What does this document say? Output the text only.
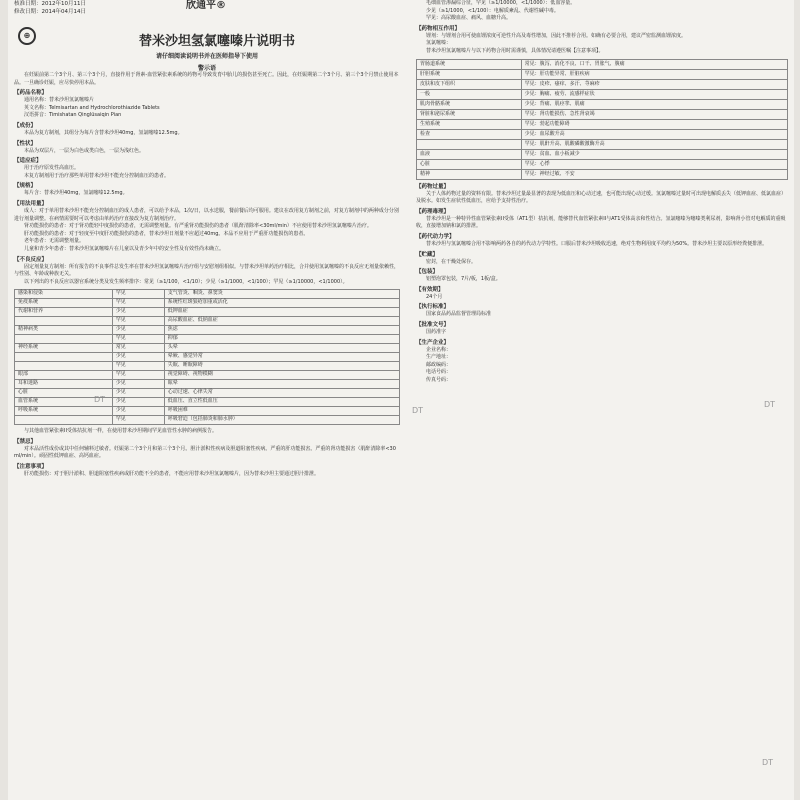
DT
DT
DT
DT
核准日期：2012年10月11日
修改日期：2014年04月14日
欣通平®
⊕	替米沙坦氢氯噻嗪片说明书
请仔细阅读说明书并在医师指导下使用
警示语

在妊娠前第二个3个月、第三个3个月，直接作用于肾素-血管紧张素系统的药物可导致发育中胎儿的损伤甚至死亡。因此，在妊娠期第二个3个月、第三个3个月禁止使用本品。一旦确诊妊娠，应尽快停用本品。

【药品名称】

通用名称：替米沙坦氢氯噻嗪片

英文名称：Telmisartan and Hydrochlorothiazide Tablets

汉语拼音：Timishatan Qinglüsaiqin Pian

【成份】

本品为复方制剂，其组分为每片含替米沙坦40mg，氢氯噻嗪12.5mg。

【性状】

本品为双层片，一层为白色或类白色，一层为浅红色。

【适应症】

用于治疗原发性高血压。

本复方制剂用于治疗那些单用替米沙坦不能充分控制血压的患者。

【规格】

每片含：替米沙坦40mg，氢氯噻嗪12.5mg。

【用法用量】

成人：对于单用替米沙坦不能充分控制血压的成人患者，可以给予本品，1次/日，以水送服，餐前餐后均可服用。建议在改用复方制剂之前，对复方制剂中的两种成分分别进行剂量调整。在病情需要时可以考虑由单药治疗直接改为复方制剂治疗。

肾功能损伤的患者：对于肾功能轻中度损伤的患者，无需调整剂量。有严重肾功能损伤的患者（肌酐清除率<30ml/min）不应使用替米沙坦氢氯噻嗪片治疗。

肝功能损伤的患者：对于轻度至中度肝功能损伤的患者，替米沙坦日剂量不应超过40mg。本品不应用于严重肝功能损伤的患者。

老年患者：无需调整剂量。

儿童和青少年患者：替米沙坦氢氯噻嗪片在儿童以及青少年中的安全性及有效性尚未确立。

【不良反应】

固定剂量复方制剂：所有报告的不良事件总发生率在替米沙坦氢氯噻嗪片治疗组与安慰剂组相似。与替米沙坦单药治疗相比，合并使用氢氯噻嗪的不良反应无剂量依赖性，与性别、年龄或种族无关。

以下列出的不良反应以器官系统分类及发生频率排序：常见（≥1/100，<1/10）；少见（≥1/1000，<1/100）；罕见（≥1/10000，<1/1000）。

感染和侵染	罕见	支气管炎、咽炎、鼻窦炎
免疫系统	罕见	系统性红斑狼疮加重或活化
代谢和营养	少见	低钾血症
	罕见	高尿酸血症、低钠血症
精神病类	少见	焦虑
	罕见	抑郁
神经系统	常见	头晕
	少见	晕厥、感觉异常
	罕见	失眠、睡眠障碍
眼部	罕见	视觉障碍、视物模糊
耳和迷路	少见	眩晕
心脏	少见	心动过速、心律失常
血管系统	少见	低血压、直立性低血压
呼吸系统	少见	呼吸困难
	罕见	呼吸窘迫（包括肺炎和肺水肿）

与其他血管紧张素II受体拮抗剂一样，在使用替米沙坦期间罕见血管性水肿的病例报告。

【禁忌】

对本品活性成份或其中任何辅料过敏者。妊娠第二个3个月和第三个3个月。胆汁淤积性疾病及胆道阻塞性疾病。严重的肝功能损害。严重的肾功能损害（肌酐清除率<30ml/min）。顽固性低钾血症、高钙血症。

【注意事项】

肝功能损伤：对于胆汁淤积、胆道阻塞性疾病或肝功能不全的患者，不能应用替米沙坦氢氯噻嗪片，因为替米沙坦主要通过胆汁排泄。

毛细血管渗漏综合征，罕见（≥1/10000，<1/1000）：低血容量。

少见（≥1/1000，<1/100）：电解质紊乱、代谢性碱中毒。

罕见：高尿酸血症、痛风、血糖升高。

【药物相互作用】

锂剂：与锂剂合用可使血锂浓度可逆性升高及毒性增加，因此不推荐合用。如确有必要合用，建议严密监测血锂浓度。

氢氯噻嗪：

替米沙坦氢氯噻嗪片与以下药物合用时需谨慎，具体情况请遵医嘱【注意事项】。

胃肠道系统	常见：腹泻、消化不良、口干、胃胀气、腹痛
肝胆系统	罕见：肝功能异常、肝脏疾病
皮肤和皮下组织	罕见：皮疹、瘙痒、多汗、荨麻疹
一般	少见：胸痛、疲劳、流感样症状
肌肉骨骼系统	少见：背痛、肌痉挛、肌痛
肾脏和泌尿系统	罕见：肾功能损伤、急性肾衰竭
生殖系统	罕见：勃起功能障碍
检查	少见：血尿酸升高
	罕见：肌酐升高、肌酸磷酸激酶升高
血液	罕见：贫血、血小板减少
心脏	罕见：心悸
精神	罕见：神经过敏、不安
【药物过量】

关于人体药物过量的资料有限。替米沙坦过量最显著的表现为低血压和心动过速，也可能出现心动过缓。氢氯噻嗪过量时可出现电解质丢失（低钾血症、低氯血症）及脱水。如发生症状性低血压，应给予支持性治疗。

【药理毒理】

替米沙坦是一种特异性血管紧张素II受体（AT1型）拮抗剂，能够替代血管紧张素II与AT1受体高亲和性结合。氢氯噻嗪为噻嗪类利尿剂，影响肾小管对电解质的重吸收，直接增加钠和氯的排泄。

【药代动力学】

替米沙坦与氢氯噻嗪合用不影响两药各自的药代动力学特性。口服后替米沙坦吸收迅速，绝对生物利用度平均约为50%。替米沙坦主要以原形经粪便排泄。

【贮藏】

密封，在干燥处保存。

【包装】

铝塑泡罩包装，7片/板，1板/盒。

【有效期】

24个月

【执行标准】

国家食品药品监督管理局标准

【批准文号】

国药准字

【生产企业】

企业名称：

生产地址：

邮政编码：

电话号码：

传真号码：
